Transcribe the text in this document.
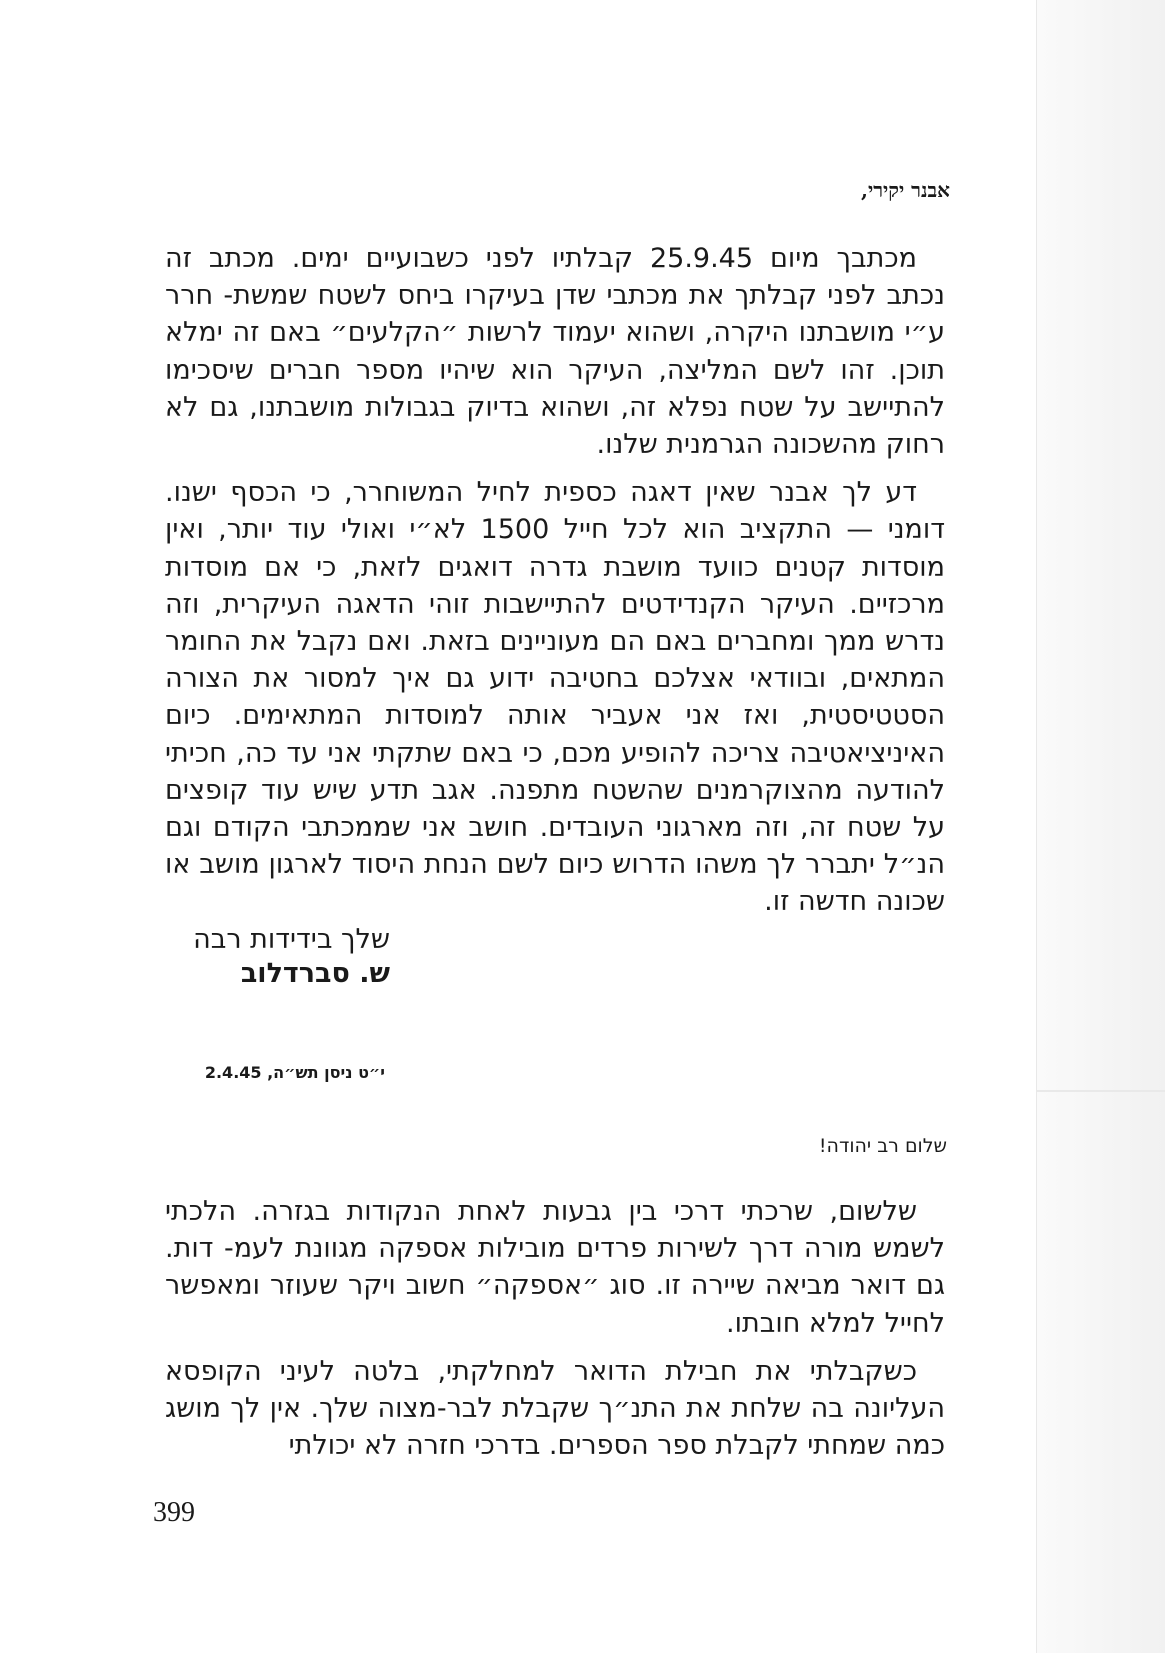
אבנר יקירי,

מכתבך מיום 25.9.45 קבלתיו לפני כשבועיים ימים. מכתב זה נכתב לפני קבלתך את מכתבי שדן בעיקרו ביחס לשטח שמשת- חרר ע״י מושבתנו היקרה, ושהוא יעמוד לרשות ״הקלעים״ באם זה ימלא תוכן. זהו לשם המליצה, העיקר הוא שיהיו מספר חברים שיסכימו להתיישב על שטח נפלא זה, ושהוא בדיוק בגבולות מושבתנו, גם לא רחוק מהשכונה הגרמנית שלנו.

דע לך אבנר שאין דאגה כספית לחיל המשוחרר, כי הכסף ישנו. דומני — התקציב הוא לכל חייל 1500 לא״י ואולי עוד יותר, ואין מוסדות קטנים כוועד מושבת גדרה דואגים לזאת, כי אם מוסדות מרכזיים. העיקר הקנדידטים להתיישבות זוהי הדאגה העיקרית, וזה נדרש ממך ומחברים באם הם מעוניינים בזאת. ואם נקבל את החומר המתאים, ובוודאי אצלכם בחטיבה ידוע גם איך למסור את הצורה הסטטיסטית, ואז אני אעביר אותה למוסדות המתאימים. כיום האיניציאטיבה צריכה להופיע מכם, כי באם שתקתי אני עד כה, חכיתי להודעה מהצוקרמנים שהשטח מתפנה. אגב תדע שיש עוד קופצים על שטח זה, וזה מארגוני העובדים. חושב אני שממכתבי הקודם וגם הנ״ל יתברר לך משהו הדרוש כיום לשם הנחת היסוד לארגון מושב או שכונה חדשה זו.

שלך בידידות רבה
ש. סברדלוב
י״ט ניסן תש״ה, 2.4.45
שלום רב יהודה!

שלשום, שרכתי דרכי בין גבעות לאחת הנקודות בגזרה. הלכתי לשמש מורה דרך לשירות פרדים מובילות אספקה מגוונת לעמ- דות. גם דואר מביאה שיירה זו. סוג ״אספקה״ חשוב ויקר שעוזר ומאפשר לחייל למלא חובתו.

כשקבלתי את חבילת הדואר למחלקתי, בלטה לעיני הקופסא העליונה בה שלחת את התנ״ך שקבלת לבר-מצוה שלך. אין לך מושג כמה שמחתי לקבלת ספר הספרים. בדרכי חזרה לא יכולתי

399
